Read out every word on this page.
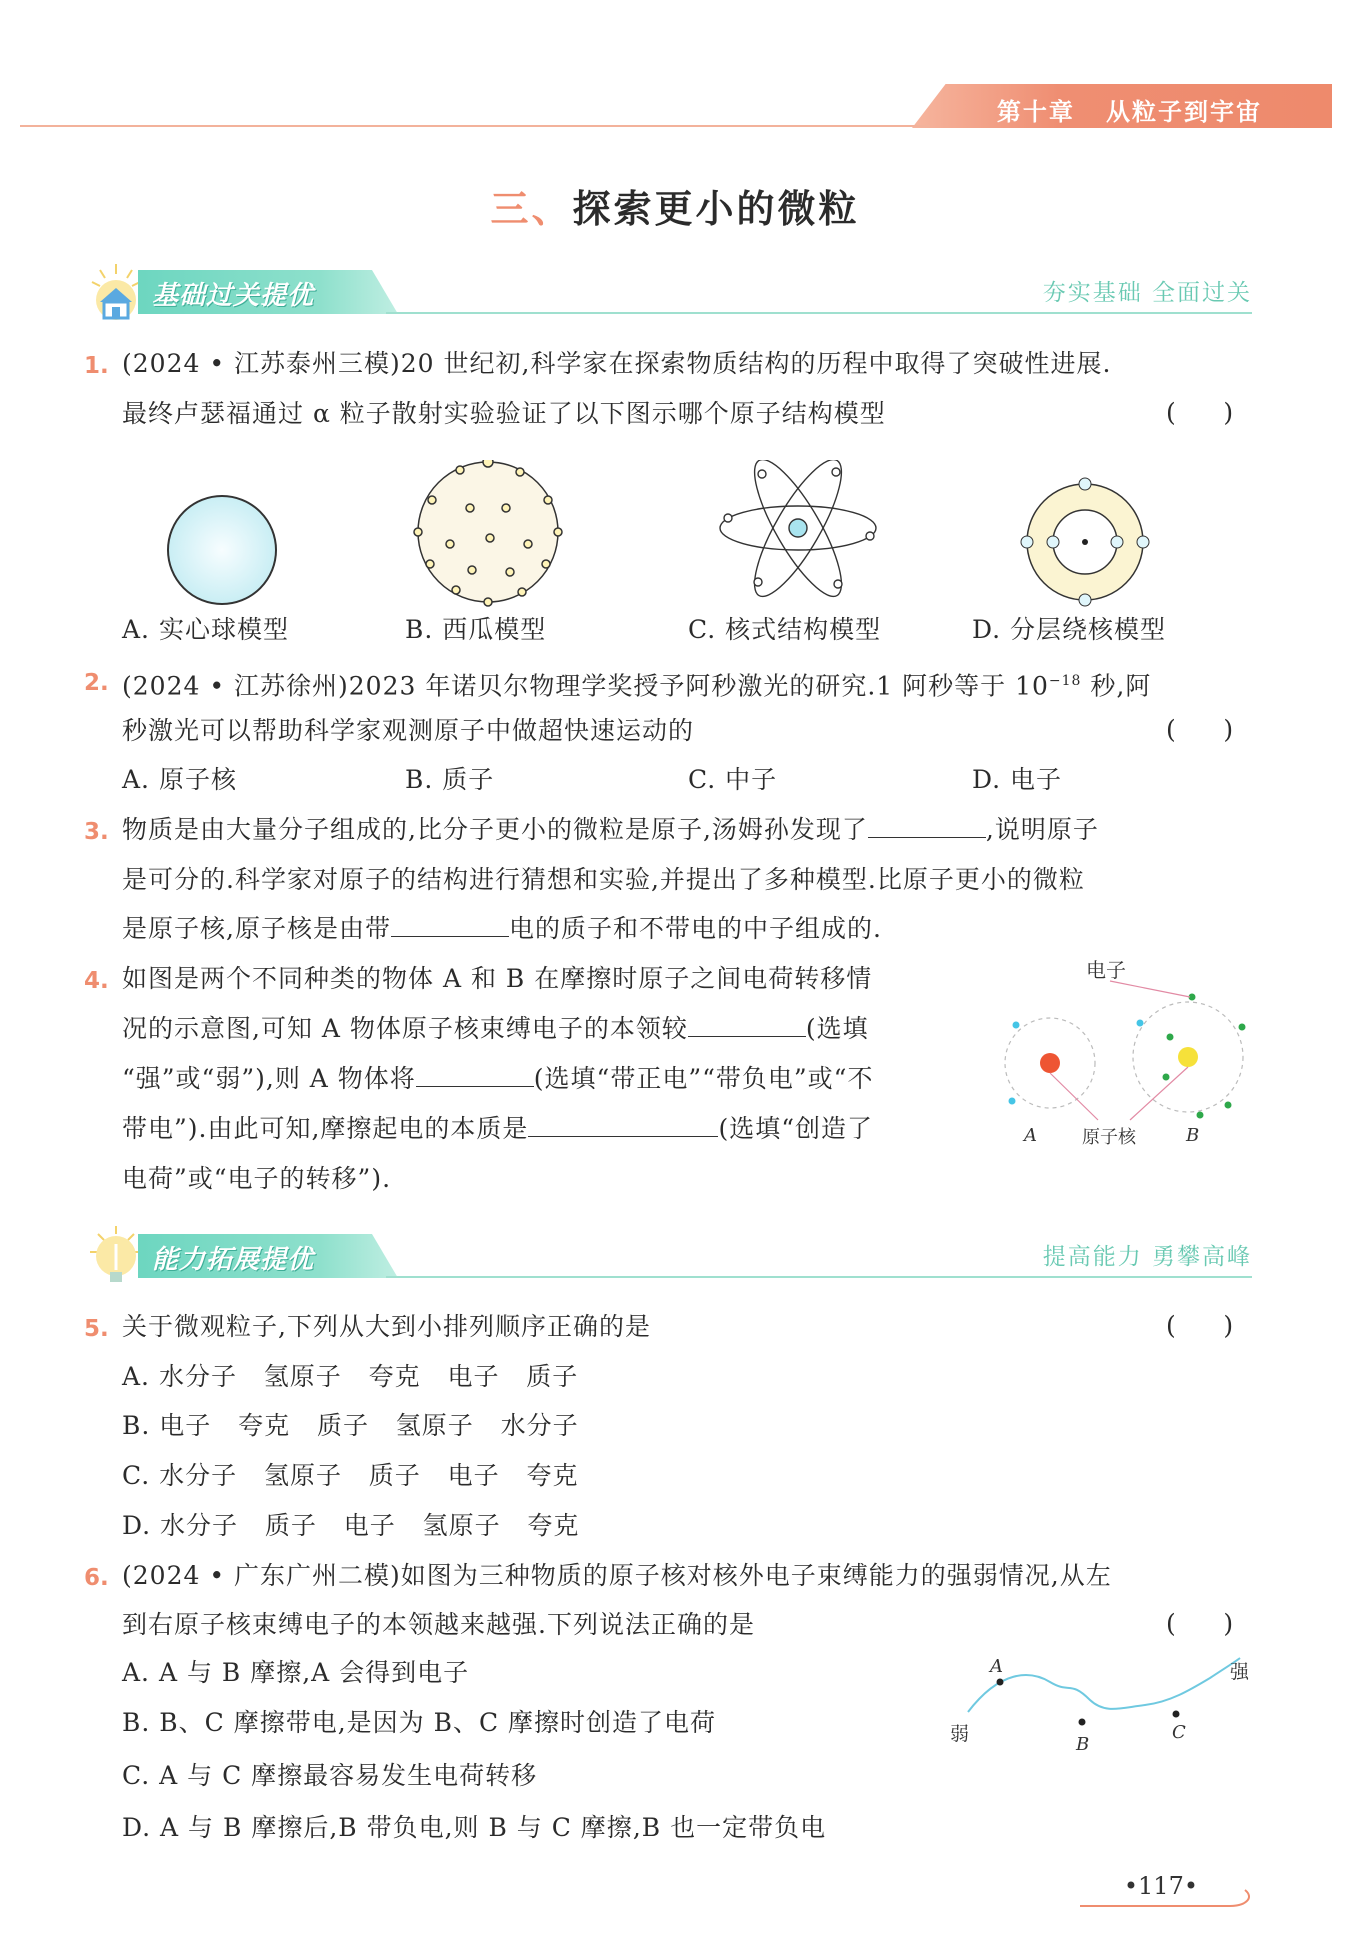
第十章   从粒子到宇宙
三、探索更小的微粒
基础过关提优	夯实基础 全面过关
1. (2024 • 江苏泰州三模)20 世纪初,科学家在探索物质结构的历程中取得了突破性进展.
最终卢瑟福通过 α 粒子散射实验验证了以下图示哪个原子结构模型	(      )
A. 实心球模型	B. 西瓜模型	C. 核式结构模型	D. 分层绕核模型
2. (2024 • 江苏徐州)2023 年诺贝尔物理学奖授予阿秒激光的研究.1 阿秒等于 $10^{-18}$ 秒,阿
秒激光可以帮助科学家观测原子中做超快速运动的	(      )
A. 原子核	B. 质子	C. 中子	D. 电子
3. 物质是由大量分子组成的,比分子更小的微粒是原子,汤姆孙发现了	,说明原子
是可分的.科学家对原子的结构进行猜想和实验,并提出了多种模型.比原子更小的微粒
是原子核,原子核是由带	电的质子和不带电的中子组成的.
4. 如图是两个不同种类的物体 A 和 B 在摩擦时原子之间电荷转移情
况的示意图,可知 A 物体原子核束缚电子的本领较	(选填
“强”或“弱”),则 A 物体将	(选填“带正电”“带负电”或“不
带电”).由此可知,摩擦起电的本质是	(选填“创造了
电荷”或“电子的转移”).
电子
A	原子核	B
能力拓展提优	提高能力 勇攀高峰
5. 关于微观粒子,下列从大到小排列顺序正确的是	(      )
A. 水分子   氢原子   夸克   电子   质子
B. 电子   夸克   质子   氢原子   水分子
C. 水分子   氢原子   质子   电子   夸克
D. 水分子   质子   电子   氢原子   夸克
6. (2024 • 广东广州二模)如图为三种物质的原子核对核外电子束缚能力的强弱情况,从左
到右原子核束缚电子的本领越来越强.下列说法正确的是	(      )
A. A 与 B 摩擦,A 会得到电子
B. B、C 摩擦带电,是因为 B、C 摩擦时创造了电荷
C. A 与 C 摩擦最容易发生电荷转移
D. A 与 B 摩擦后,B 带负电,则 B 与 C 摩擦,B 也一定带负电
A
B
C
弱
强
•117•
